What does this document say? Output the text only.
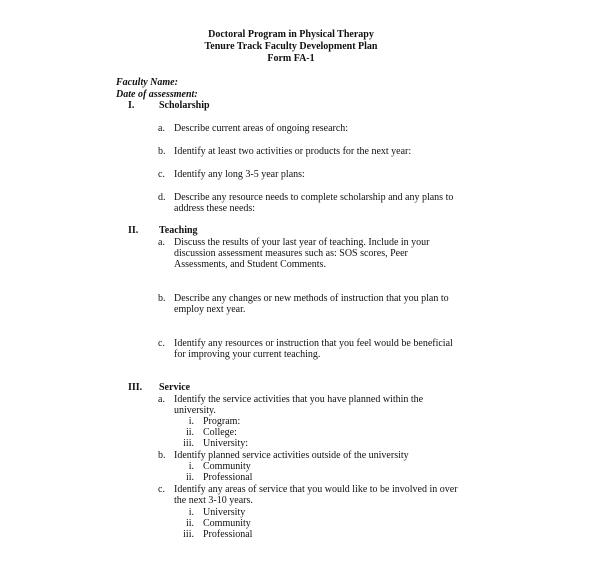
Doctoral Program in Physical Therapy
Tenure Track Faculty Development Plan
Form FA-1
Faculty Name:
Date of assessment:
I. Scholarship
a. Describe current areas of ongoing research:
b. Identify at least two activities or products for the next year:
c. Identify any long 3-5 year plans:
d. Describe any resource needs to complete scholarship and any plans to
address these needs:
II. Teaching
a. Discuss the results of your last year of teaching. Include in your
discussion assessment measures such as: SOS scores, Peer
Assessments, and Student Comments.
b. Describe any changes or new methods of instruction that you plan to
employ next year.
c. Identify any resources or instruction that you feel would be beneficial
for improving your current teaching.
III. Service
a. Identify the service activities that you have planned within the
university.
i. Program:
ii. College:
iii. University:
b. Identify planned service activities outside of the university
i. Community
ii. Professional
c. Identify any areas of service that you would like to be involved in over
the next 3-10 years.
i. University
ii. Community
iii. Professional
